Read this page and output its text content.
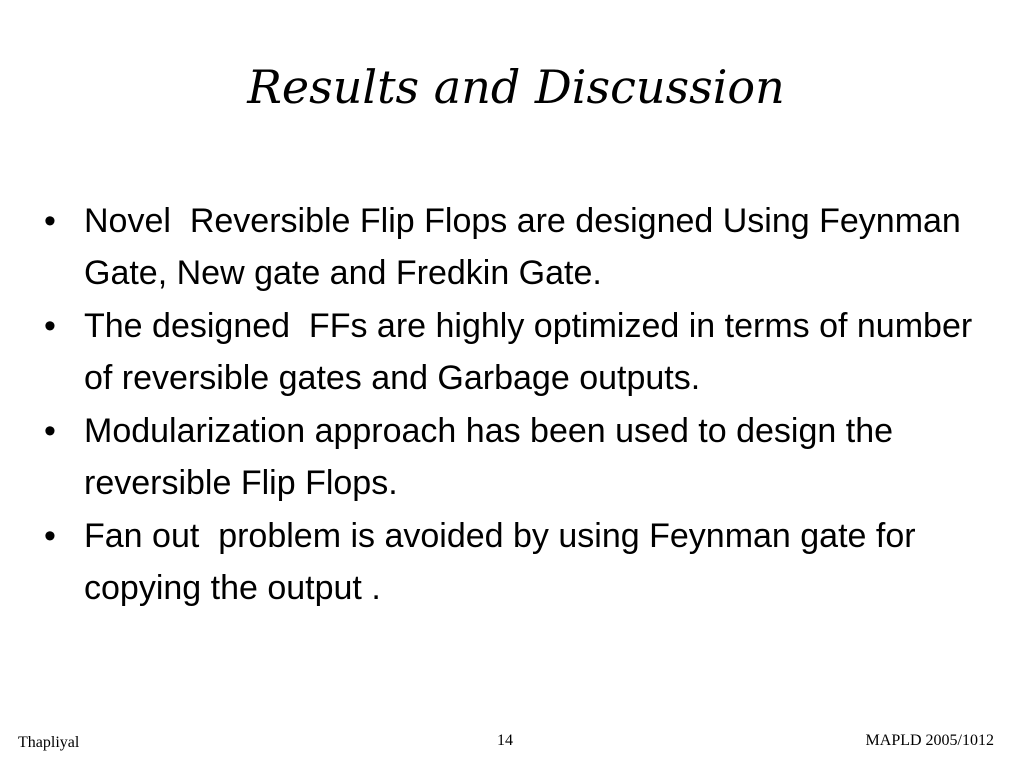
Results and Discussion
• Novel  Reversible Flip Flops are designed Using Feynman Gate, New gate and Fredkin Gate.
• The designed  FFs are highly optimized in terms of number of reversible gates and Garbage outputs.
• Modularization approach has been used to design the reversible Flip Flops.
• Fan out  problem is avoided by using Feynman gate for copying the output .
Thapliyal	14	MAPLD 2005/1012
